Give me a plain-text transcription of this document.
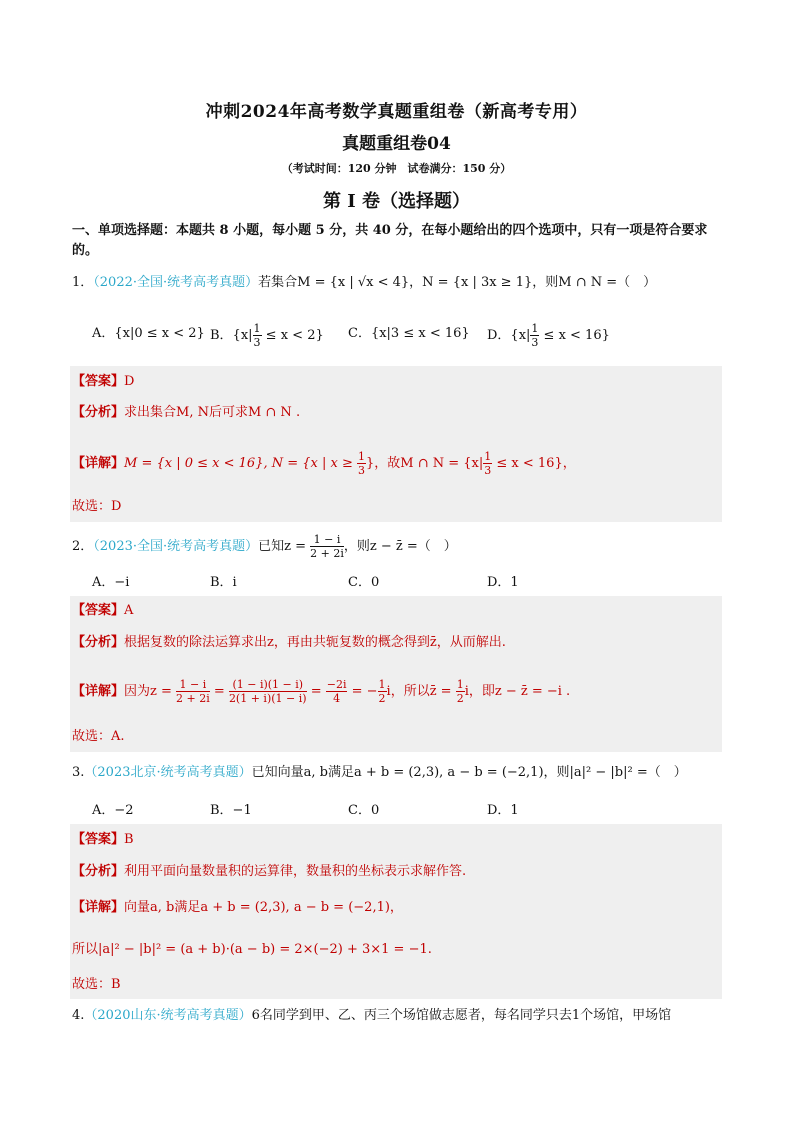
冲刺2024年高考数学真题重组卷（新高考专用）
真题重组卷04
（考试时间：120 分钟　试卷满分：150 分）
第 I 卷（选择题）
一、单项选择题：本题共 8 小题，每小题 5 分，共 40 分，在每小题给出的四个选项中，只有一项是符合要求的。
1．（2022·全国·统考高考真题）若集合M = {x | √x < 4}，N = {x | 3x ≥ 1}，则M ∩ N =（　）
A．{x|0 ≤ x < 2} B．$\{x| \frac{1}{3} \le x < 2\}$ C．{x|3 ≤ x < 16} D．$\{x| \frac{1}{3} \le x < 16\}$
【答案】D
【分析】求出集合M, N后可求M ∩ N .
【详解】M = {x | 0 ≤ x < 16}, N = {x | $x \ge \frac{1}{3}$ }，故M ∩ $N = \{x| \frac{1}{3} \le x < 16\}$，
故选：D
2．（2023·全国·统考高考真题）已知$z = \frac{1 - i}{2 + 2i}$ ，则z − z̄ =（　）
A．−i	B．i	C．0	D．1
【答案】A
【分析】根据复数的除法运算求出z，再由共轭复数的概念得到z̄，从而解出.
【详解】因为$z = \frac{1 - i}{2 + 2i} = \frac{(1 - i)(1 - i)}{2(1 + i)(1 - i)} = \frac{-2i}{4}$ = − $\frac{1}{2}$ i，所以z̄ = $\frac{1}{2}$ i，即z − z̄ = −i .
故选：A.
3.（2023北京·统考高考真题）已知向量a, b满足a + b = (2,3), a − b = (−2,1)，则|a|² − |b|² =（　）
A．−2	B．−1	C．0	D．1
【答案】B
【分析】利用平面向量数量积的运算律，数量积的坐标表示求解作答.
【详解】向量a, b满足a + b = (2,3), a − b = (−2,1)，
所以|a|² − |b|² = (a + b)·(a − b) = 2×(−2) + 3×1 = −1.
故选：B
4.（2020山东·统考高考真题）6名同学到甲、乙、丙三个场馆做志愿者，每名同学只去1个场馆，甲场馆
